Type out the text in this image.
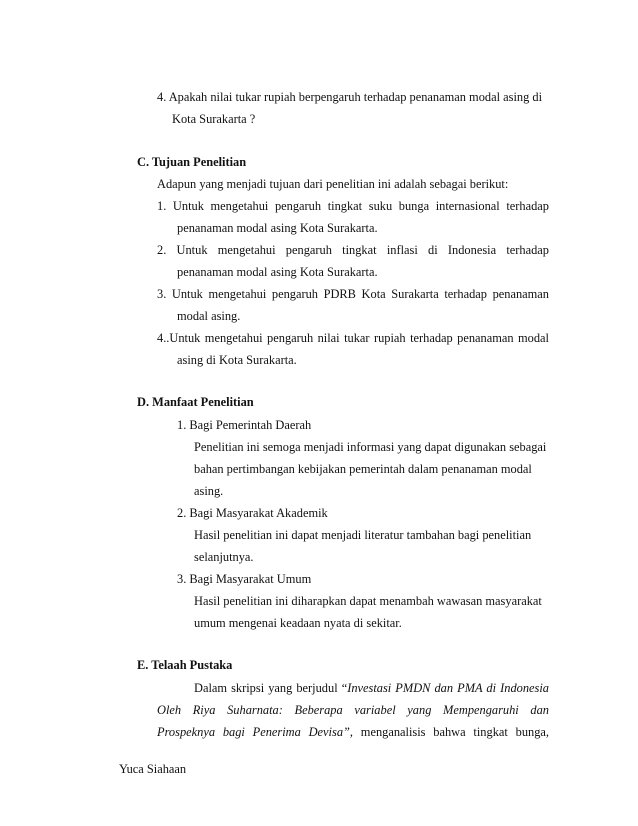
4. Apakah nilai tukar rupiah berpengaruh terhadap penanaman modal asing di
Kota Surakarta ?
C. Tujuan Penelitian
Adapun yang menjadi tujuan dari penelitian ini adalah sebagai berikut:
1. Untuk mengetahui pengaruh tingkat suku bunga internasional terhadap
penanaman modal asing Kota Surakarta.
2. Untuk mengetahui pengaruh tingkat inflasi di Indonesia terhadap
penanaman modal asing Kota Surakarta.
3. Untuk mengetahui pengaruh PDRB Kota Surakarta terhadap penanaman
modal asing.
4..Untuk mengetahui pengaruh nilai tukar rupiah terhadap penanaman modal
asing di Kota Surakarta.
D. Manfaat Penelitian
1. Bagi Pemerintah Daerah
Penelitian ini semoga menjadi informasi yang dapat digunakan sebagai
bahan pertimbangan kebijakan pemerintah dalam penanaman modal
asing.
2. Bagi Masyarakat Akademik
Hasil penelitian ini dapat menjadi literatur tambahan bagi penelitian
selanjutnya.
3. Bagi Masyarakat Umum
Hasil penelitian ini diharapkan dapat menambah wawasan masyarakat
umum mengenai keadaan nyata di sekitar.
E. Telaah Pustaka
Dalam skripsi yang berjudul “Investasi PMDN dan PMA di Indonesia
Oleh Riya Suharnata: Beberapa variabel yang Mempengaruhi dan
Prospeknya bagi Penerima Devisa”, menganalisis bahwa tingkat bunga,
Yuca Siahaan
